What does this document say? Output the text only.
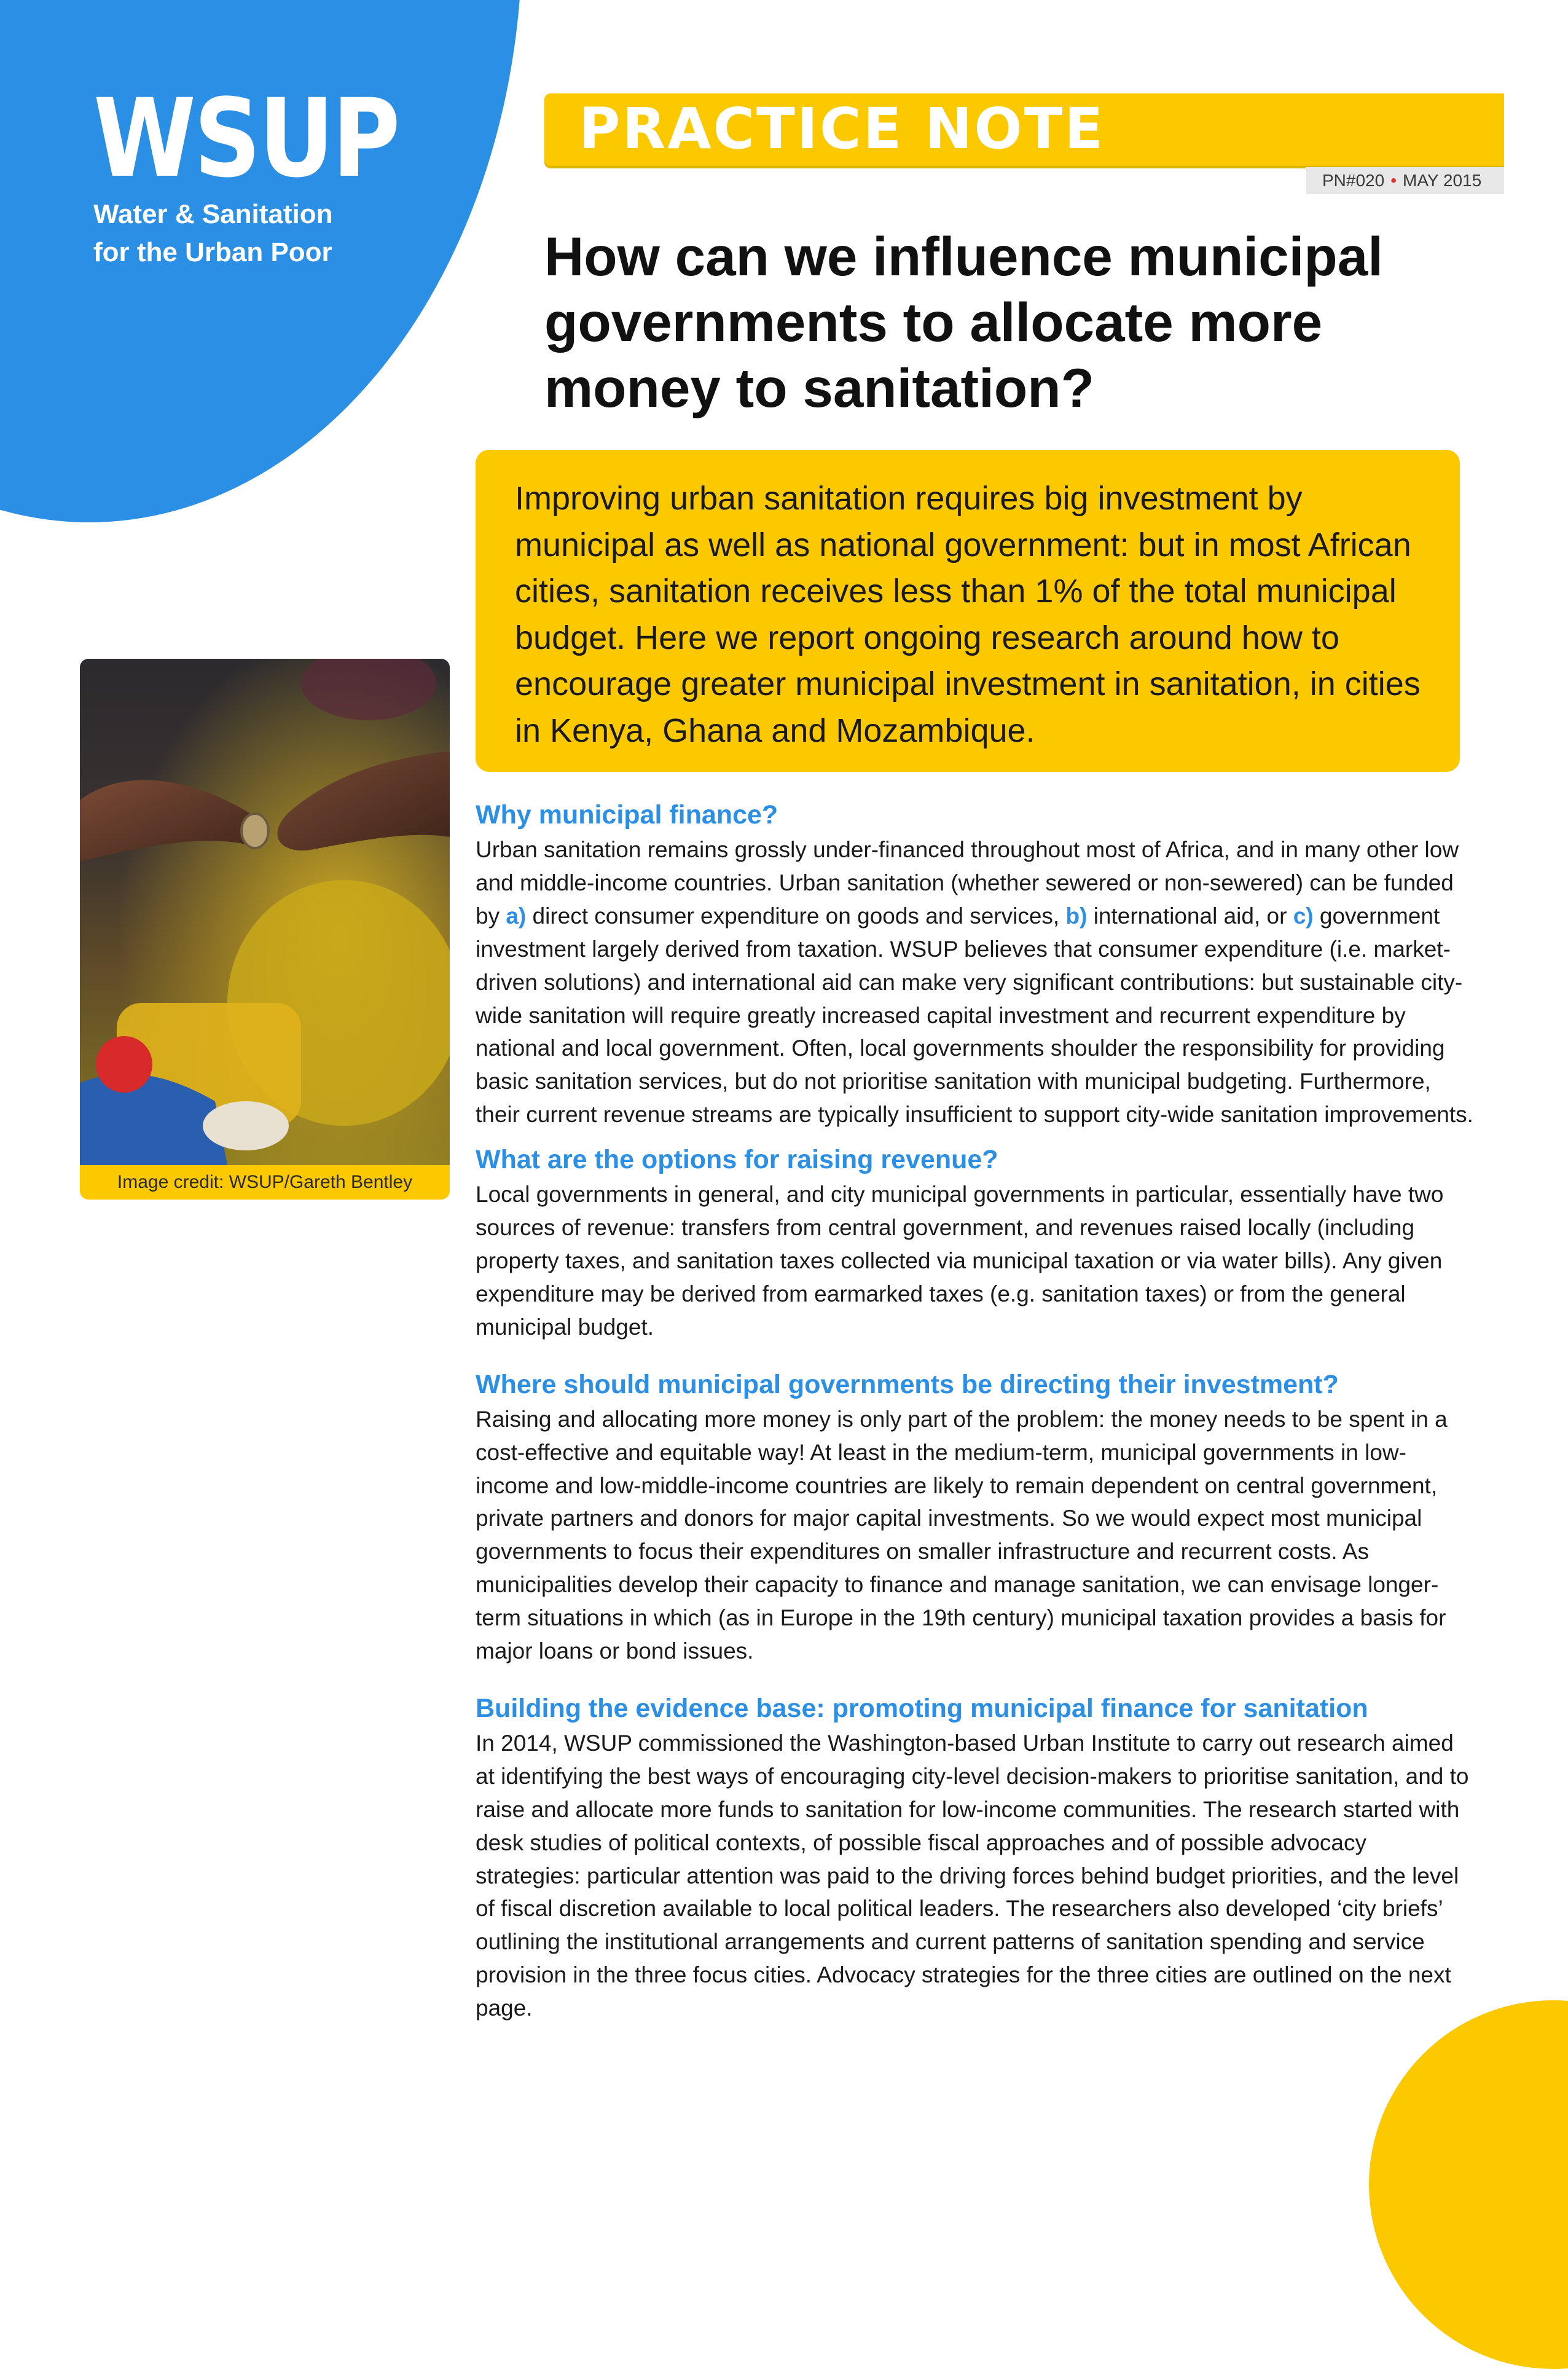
WSUP
Water & Sanitation
for the Urban Poor
PRACTICE NOTE
PN#020 • MAY 2015
How can we influence municipal governments to allocate more money to sanitation?

Improving urban sanitation requires big investment by municipal as well as national government: but in most African cities, sanitation receives less than 1% of the total municipal budget. Here we report ongoing research around how to encourage greater municipal investment in sanitation, in cities in Kenya, Ghana and Mozambique.

Image credit: WSUP/Gareth Bentley
Why municipal finance?

Urban sanitation remains grossly under-financed throughout most of Africa, and in many other low and middle-income countries. Urban sanitation (whether sewered or non-sewered) can be funded by a) direct consumer expenditure on goods and services, b) international aid, or c) government investment largely derived from taxation. WSUP believes that consumer expenditure (i.e. market-driven solutions) and international aid can make very significant contributions: but sustainable city-wide sanitation will require greatly increased capital investment and recurrent expenditure by national and local government. Often, local governments shoulder the responsibility for providing basic sanitation services, but do not prioritise sanitation with municipal budgeting. Furthermore, their current revenue streams are typically insufficient to support city-wide sanitation improvements.

What are the options for raising revenue?

Local governments in general, and city municipal governments in particular, essentially have two sources of revenue: transfers from central government, and revenues raised locally (including property taxes, and sanitation taxes collected via municipal taxation or via water bills). Any given expenditure may be derived from earmarked taxes (e.g. sanitation taxes) or from the general municipal budget.

Where should municipal governments be directing their investment?

Raising and allocating more money is only part of the problem: the money needs to be spent in a cost-effective and equitable way! At least in the medium-term, municipal governments in low-income and low-middle-income countries are likely to remain dependent on central government, private partners and donors for major capital investments. So we would expect most municipal governments to focus their expenditures on smaller infrastructure and recurrent costs. As municipalities develop their capacity to finance and manage sanitation, we can envisage longer-term situations in which (as in Europe in the 19th century) municipal taxation provides a basis for major loans or bond issues.

Building the evidence base: promoting municipal finance for sanitation

In 2014, WSUP commissioned the Washington-based Urban Institute to carry out research aimed at identifying the best ways of encouraging city-level decision-makers to prioritise sanitation, and to raise and allocate more funds to sanitation for low-income communities. The research started with desk studies of political contexts, of possible fiscal approaches and of possible advocacy strategies: particular attention was paid to the driving forces behind budget priorities, and the level of fiscal discretion available to local political leaders. The researchers also developed ‘city briefs’ outlining the institutional arrangements and current patterns of sanitation spending and service provision in the three focus cities. Advocacy strategies for the three cities are outlined on the next page.
